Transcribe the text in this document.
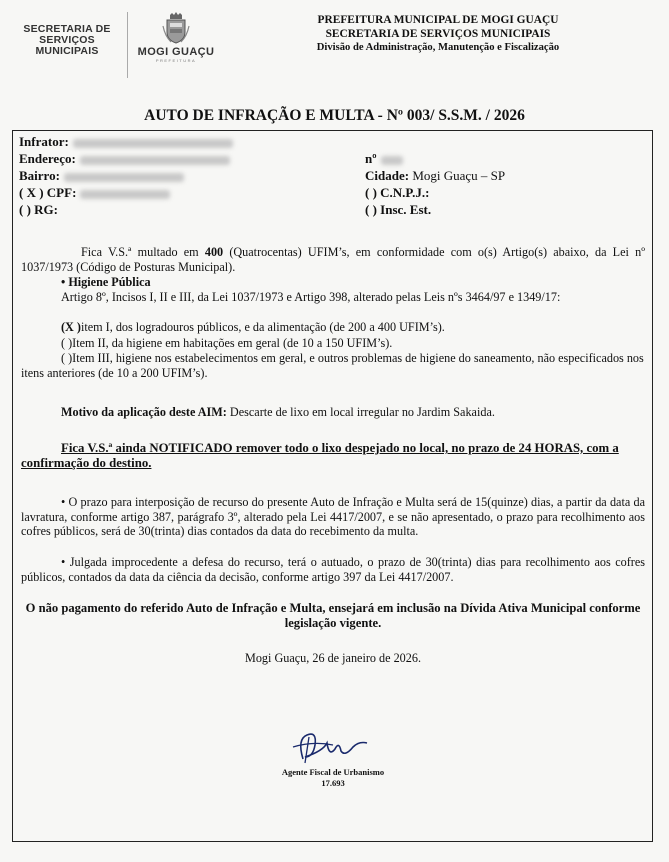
SECRETARIA DE
SERVIÇOS
MUNICIPAIS	MOGI GUAÇU
PREFEITURA
PREFEITURA MUNICIPAL DE MOGI GUAÇU
SECRETARIA DE SERVIÇOS MUNICIPAIS
Divisão de Administração, Manutenção e Fiscalização
AUTO DE INFRAÇÃO E MULTA - Nº 003/ S.S.M. / 2026
Infrator:
Endereço:	nº
Bairro:	Cidade: Mogi Guaçu – SP
( X ) CPF:	( ) C.N.P.J.:
( ) RG:	( ) Insc. Est.
Fica V.S.ª multado em 400 (Quatrocentas) UFIM’s, em conformidade com o(s) Artigo(s) abaixo, da Lei nº 1037/1973 (Código de Posturas Municipal).
• Higiene Pública
Artigo 8º, Incisos I, II e III, da Lei 1037/1973 e Artigo 398, alterado pelas Leis nºs 3464/97 e 1349/17:
(X )item I, dos logradouros públicos, e da alimentação (de 200 a 400 UFIM’s).
( )Item II, da higiene em habitações em geral (de 10 a 150 UFIM’s).
( )Item III, higiene nos estabelecimentos em geral, e outros problemas de higiene do saneamento, não especificados nos itens anteriores (de 10 a 200 UFIM’s).
Motivo da aplicação deste AIM: Descarte de lixo em local irregular no Jardim Sakaida.
Fica V.S.ª ainda NOTIFICADO remover todo o lixo despejado no local, no prazo de 24 HORAS, com a confirmação do destino.
• O prazo para interposição de recurso do presente Auto de Infração e Multa será de 15(quinze) dias, a partir da data da lavratura, conforme artigo 387, parágrafo 3º, alterado pela Lei 4417/2007, e se não apresentado, o prazo para recolhimento aos cofres públicos, será de 30(trinta) dias contados da data do recebimento da multa.
• Julgada improcedente a defesa do recurso, terá o autuado, o prazo de 30(trinta) dias para recolhimento aos cofres públicos, contados da data da ciência da decisão, conforme artigo 397 da Lei 4417/2007.
O não pagamento do referido Auto de Infração e Multa, ensejará em inclusão na Dívida Ativa Municipal conforme legislação vigente.
Mogi Guaçu, 26 de janeiro de 2026.
Agente Fiscal de Urbanismo
17.693
